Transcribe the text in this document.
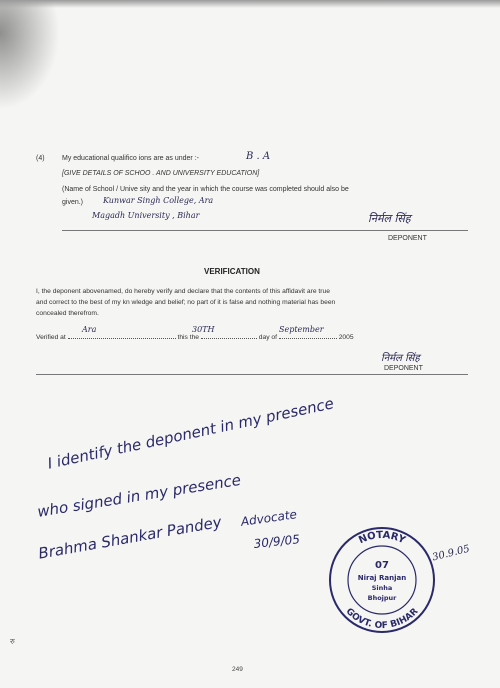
(4) My educational qualifico ions are as under :-	B . A
[GIVE DETAILS OF SCHOO . AND UNIVERSITY EDUCATION]
(Name of School / Unive sity and the year in which the course was completed should also be
given.) Kunwar Singh College, Ara
Magadh University , Bihar	निर्मल सिंह
DEPONENT
VERIFICATION
I, the deponent abovenamed, do hereby verify and declare that the contents of this affidavit are true
and correct to the best of my kn wledge and belief; no part of it is false and nothing material has been
concealed therefrom.
Verified at	this the	day of	2005
Ara	30TH	September
निर्मल सिंह
DEPONENT
I identify the deponent in my presence
who signed in my presence
Brahma Shankar Pandey Advocate
30/9/05	NOTARY
GOVT. OF BIHAR
07
Niraj Ranjan
Sinha
Bhojpur
30.9.05
रु
249
